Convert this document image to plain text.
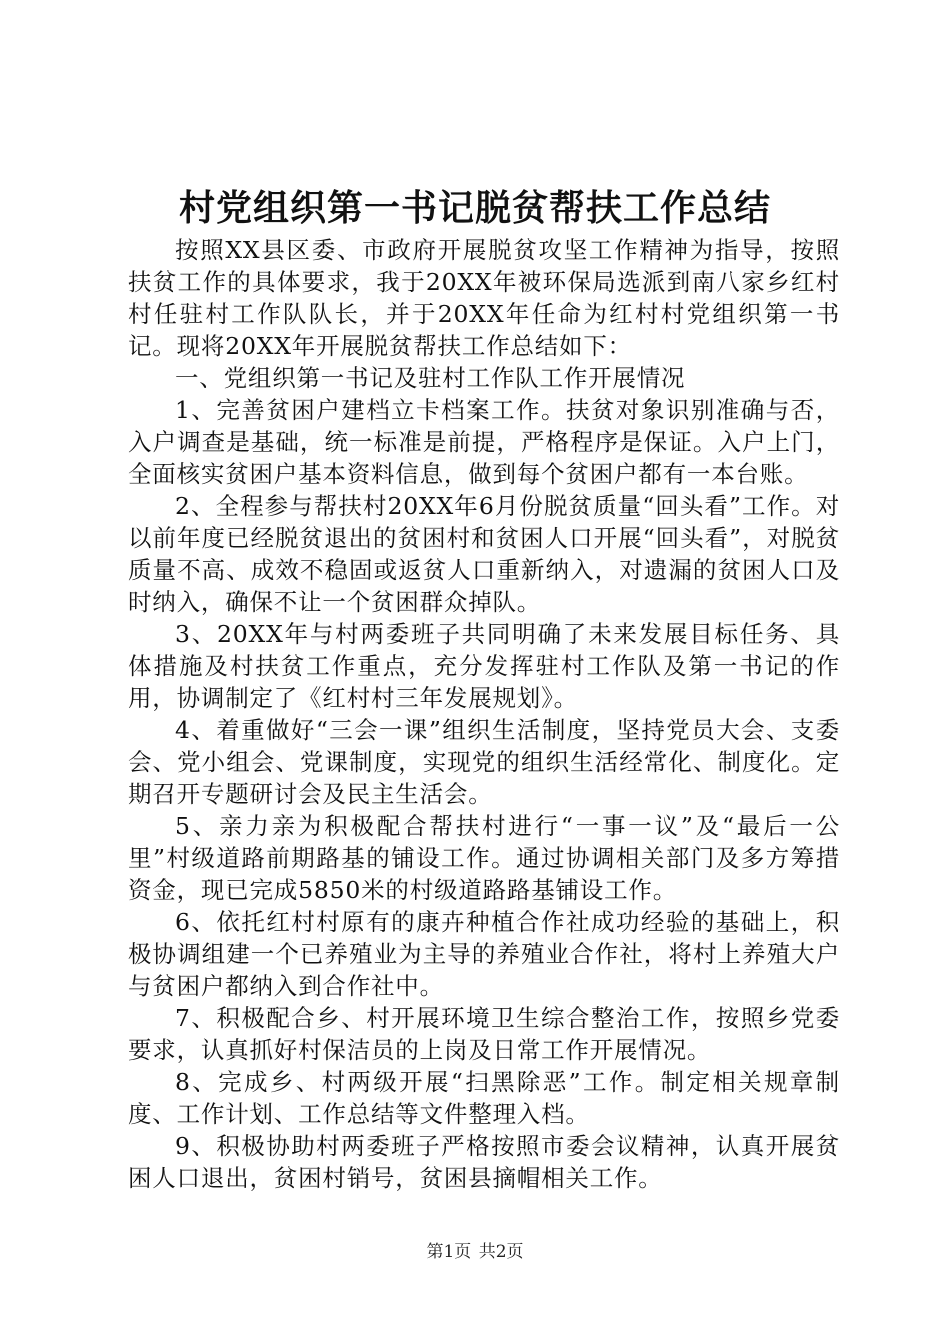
村党组织第一书记脱贫帮扶工作总结

按照XX县区委、市政府开展脱贫攻坚工作精神为指导，按照扶贫工作的具体要求，我于20XX年被环保局选派到南八家乡红村村任驻村工作队队长，并于20XX年任命为红村村党组织第一书记。现将20XX年开展脱贫帮扶工作总结如下：

一、党组织第一书记及驻村工作队工作开展情况

1、完善贫困户建档立卡档案工作。扶贫对象识别准确与否，入户调查是基础，统一标准是前提，严格程序是保证。入户上门，全面核实贫困户基本资料信息，做到每个贫困户都有一本台账。

2、全程参与帮扶村20XX年6月份脱贫质量“回头看”工作。对以前年度已经脱贫退出的贫困村和贫困人口开展“回头看”，对脱贫质量不高、成效不稳固或返贫人口重新纳入，对遗漏的贫困人口及时纳入，确保不让一个贫困群众掉队。

3、20XX年与村两委班子共同明确了未来发展目标任务、具体措施及村扶贫工作重点，充分发挥驻村工作队及第一书记的作用，协调制定了《红村村三年发展规划》。

4、着重做好“三会一课”组织生活制度，坚持党员大会、支委会、党小组会、党课制度，实现党的组织生活经常化、制度化。定期召开专题研讨会及民主生活会。

5、亲力亲为积极配合帮扶村进行“一事一议”及“最后一公里”村级道路前期路基的铺设工作。通过协调相关部门及多方筹措资金，现已完成5850米的村级道路路基铺设工作。

6、依托红村村原有的康卉种植合作社成功经验的基础上，积极协调组建一个已养殖业为主导的养殖业合作社，将村上养殖大户与贫困户都纳入到合作社中。

7、积极配合乡、村开展环境卫生综合整治工作，按照乡党委要求，认真抓好村保洁员的上岗及日常工作开展情况。

8、完成乡、村两级开展“扫黑除恶”工作。制定相关规章制度、工作计划、工作总结等文件整理入档。

9、积极协助村两委班子严格按照市委会议精神，认真开展贫困人口退出，贫困村销号，贫困县摘帽相关工作。

第1页 共2页
